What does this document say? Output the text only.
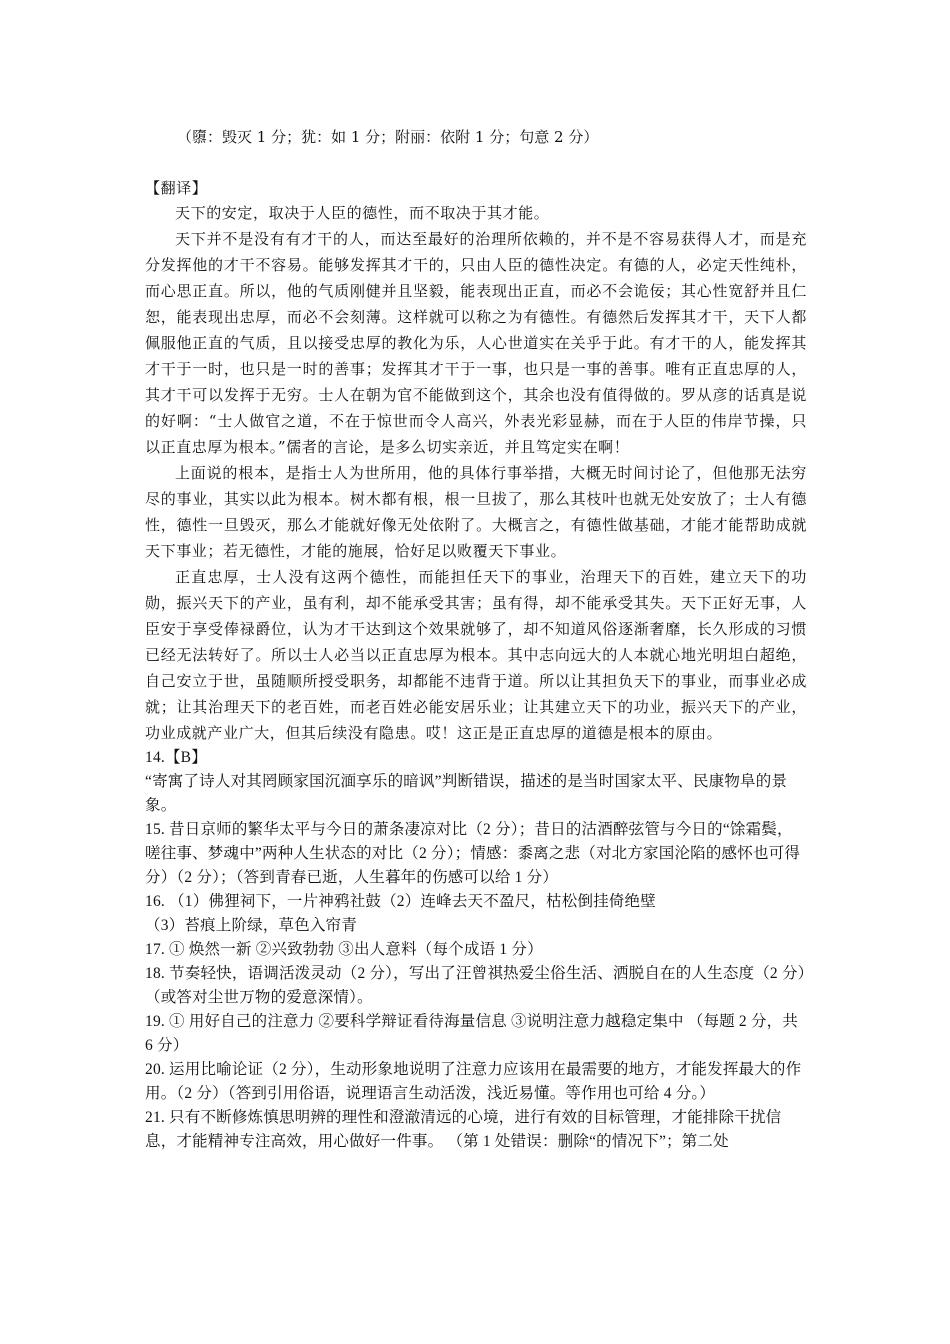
（隳：毁灭 1 分；犹：如 1 分；附丽：依附 1 分；句意 2 分）

【翻译】

天下的安定，取决于人臣的德性，而不取决于其才能。

天下并不是没有有才干的人，而达至最好的治理所依赖的，并不是不容易获得人才，而是充分发挥他的才干不容易。能够发挥其才干的，只由人臣的德性决定。有德的人，必定天性纯朴，而心思正直。所以，他的气质刚健并且坚毅，能表现出正直，而必不会诡佞；其心性宽舒并且仁恕，能表现出忠厚，而必不会刻薄。这样就可以称之为有德性。有德然后发挥其才干，天下人都佩服他正直的气质，且以接受忠厚的教化为乐，人心世道实在关乎于此。有才干的人，能发挥其才干于一时，也只是一时的善事；发挥其才干于一事，也只是一事的善事。唯有正直忠厚的人，其才干可以发挥于无穷。士人在朝为官不能做到这个，其余也没有值得做的。罗从彦的话真是说的好啊：“士人做官之道，不在于惊世而令人高兴，外表光彩显赫，而在于人臣的伟岸节操，只以正直忠厚为根本。”儒者的言论，是多么切实亲近，并且笃定实在啊！

上面说的根本，是指士人为世所用，他的具体行事举措，大概无时间讨论了，但他那无法穷尽的事业，其实以此为根本。树木都有根，根一旦拔了，那么其枝叶也就无处安放了；士人有德性，德性一旦毁灭，那么才能就好像无处依附了。大概言之，有德性做基础，才能才能帮助成就天下事业；若无德性，才能的施展，恰好足以败覆天下事业。

正直忠厚，士人没有这两个德性，而能担任天下的事业，治理天下的百姓，建立天下的功勋，振兴天下的产业，虽有利，却不能承受其害；虽有得，却不能承受其失。天下正好无事，人臣安于享受俸禄爵位，认为才干达到这个效果就够了，却不知道风俗逐渐奢靡，长久形成的习惯已经无法转好了。所以士人必当以正直忠厚为根本。其中志向远大的人本就心地光明坦白超绝，自己安立于世，虽随顺所授受职务，却都能不违背于道。所以让其担负天下的事业，而事业必成就；让其治理天下的老百姓，而老百姓必能安居乐业；让其建立天下的功业，振兴天下的产业，功业成就产业广大，但其后续没有隐患。哎！这正是正直忠厚的道德是根本的原由。

14.【B】

“寄寓了诗人对其罔顾家国沉湎享乐的暗讽”判断错误，描述的是当时国家太平、民康物阜的景象。

15. 昔日京师的繁华太平与今日的萧条凄凉对比（2 分）；昔日的沽酒醉弦管与今日的“馀霜鬓，嗟往事、梦魂中”两种人生状态的对比（2 分）；情感：黍离之悲（对北方家国沦陷的感怀也可得分）（2 分）；（答到青春已逝，人生暮年的伤感可以给 1 分）

16. （1）佛狸祠下，一片神鸦社鼓（2）连峰去天不盈尺，枯松倒挂倚绝壁

（3）苔痕上阶绿，草色入帘青

17. ① 焕然一新 ②兴致勃勃 ③出人意料（每个成语 1 分）

18. 节奏轻快，语调活泼灵动（2 分），写出了汪曾祺热爱尘俗生活、洒脱自在的人生态度（2 分）（或答对尘世万物的爱意深情）。

19. ① 用好自己的注意力 ②要科学辩证看待海量信息 ③说明注意力越稳定集中 （每题 2 分，共 6 分）

20. 运用比喻论证（2 分），生动形象地说明了注意力应该用在最需要的地方，才能发挥最大的作用。（2 分）（答到引用俗语，说理语言生动活泼，浅近易懂。等作用也可给 4 分。）

21. 只有不断修炼慎思明辨的理性和澄澈清远的心境，进行有效的目标管理，才能排除干扰信息，才能精神专注高效，用心做好一件事。 （第 1 处错误：删除“的情况下”；第二处
